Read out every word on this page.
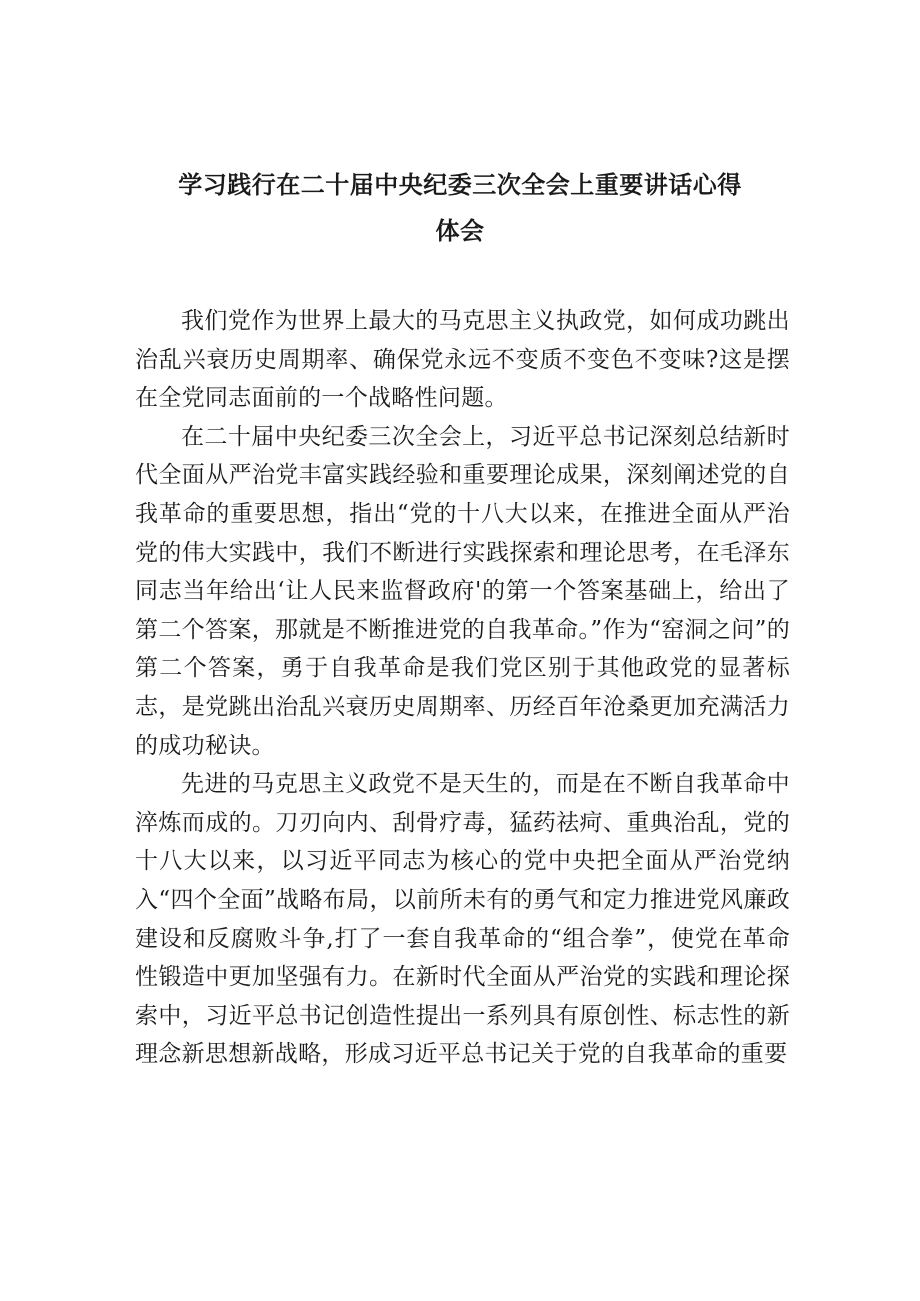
学习践行在二十届中央纪委三次全会上重要讲话心得
体会

我们党作为世界上最大的马克思主义执政党，如何成功跳出治乱兴衰历史周期率、确保党永远不变质不变色不变味?这是摆在全党同志面前的一个战略性问题。

在二十届中央纪委三次全会上，习近平总书记深刻总结新时代全面从严治党丰富实践经验和重要理论成果，深刻阐述党的自我革命的重要思想，指出“党的十八大以来，在推进全面从严治党的伟大实践中，我们不断进行实践探索和理论思考，在毛泽东同志当年给出‘让人民来监督政府'的第一个答案基础上，给出了第二个答案，那就是不断推进党的自我革命。”作为“窑洞之问”的第二个答案，勇于自我革命是我们党区别于其他政党的显著标志，是党跳出治乱兴衰历史周期率、历经百年沧桑更加充满活力的成功秘诀。

先进的马克思主义政党不是天生的，而是在不断自我革命中淬炼而成的。刀刃向内、刮骨疗毒，猛药祛疴、重典治乱，党的十八大以来，以习近平同志为核心的党中央把全面从严治党纳入“四个全面”战略布局，以前所未有的勇气和定力推进党风廉政建设和反腐败斗争,打了一套自我革命的“组合拳”，使党在革命性锻造中更加坚强有力。在新时代全面从严治党的实践和理论探索中，习近平总书记创造性提出一系列具有原创性、标志性的新理念新思想新战略，形成习近平总书记关于党的自我革命的重要
